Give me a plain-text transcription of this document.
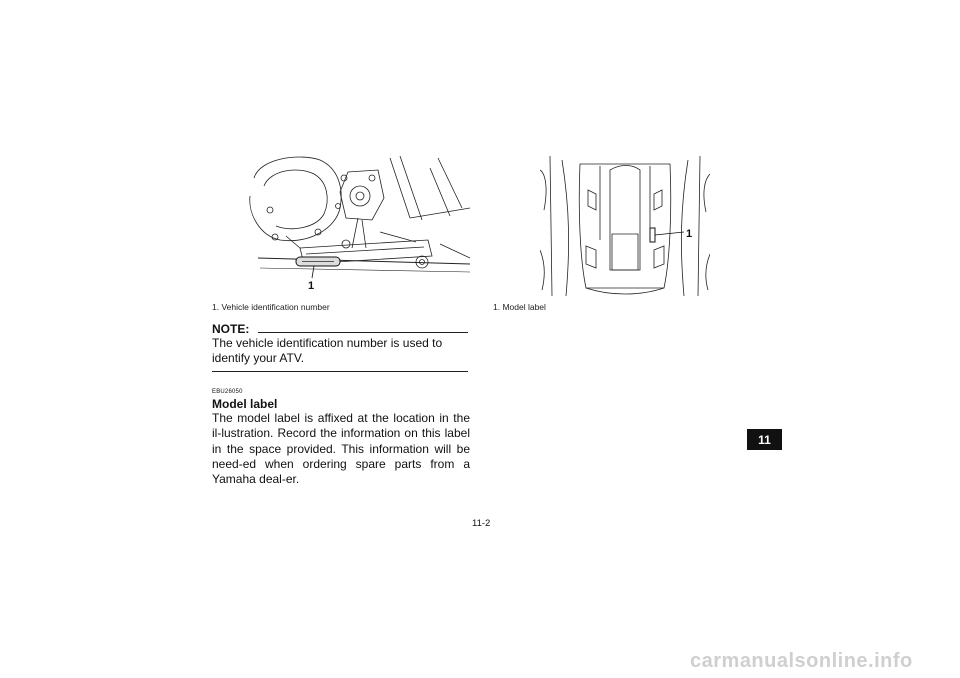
1
1
1. Vehicle identification number	1. Model label
NOTE:
The vehicle identification number is used to identify your ATV.
EBU26050
Model label
The model label is affixed at the location in the il-lustration. Record the information on this label in the space provided. This information will be need-ed when ordering spare parts from a Yamaha deal-er.
11
11-2
carmanualsonline.info
